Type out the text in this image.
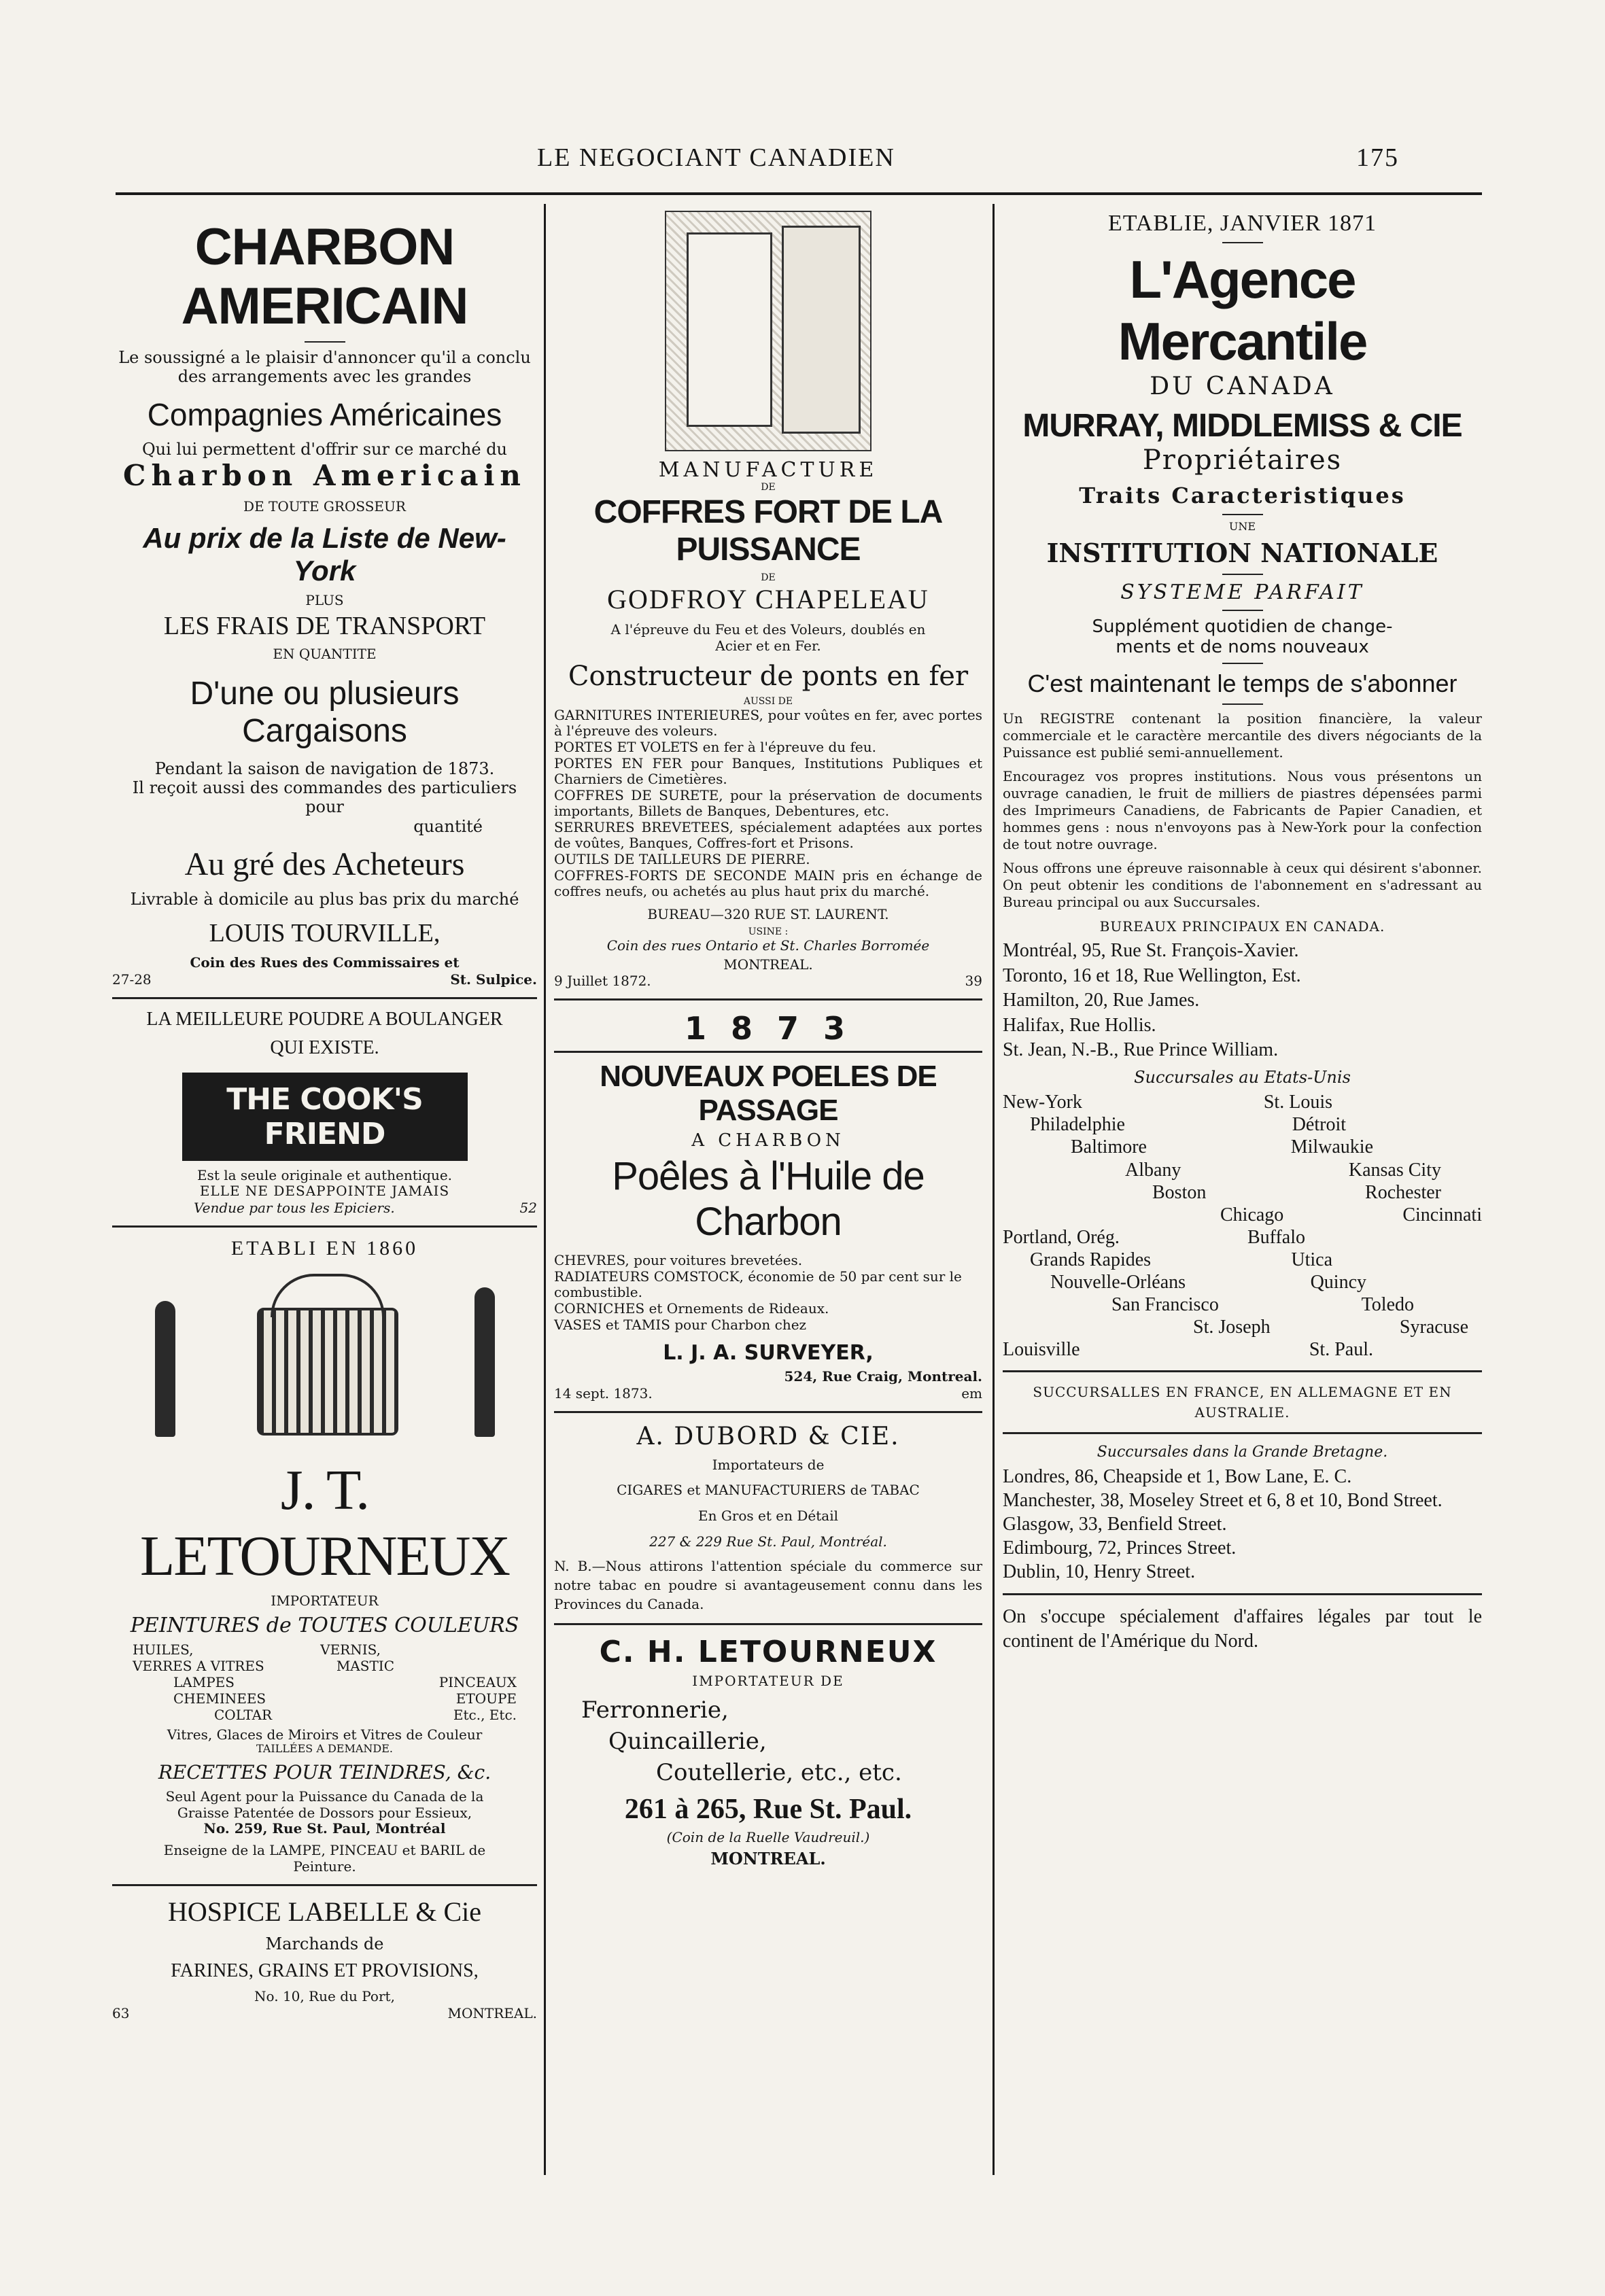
LE NEGOCIANT CANADIEN	175
CHARBON AMERICAIN

Le soussigné a le plaisir d'annoncer qu'il a conclu

des arrangements avec les grandes

Compagnies Américaines

Qui lui permettent d'offrir sur ce marché du

Charbon Americain

DE TOUTE GROSSEUR

Au prix de la Liste de New-York

PLUS

LES FRAIS DE TRANSPORT

EN QUANTITE

D'une ou plusieurs Cargaisons

Pendant la saison de navigation de 1873.

Il reçoit aussi des commandes des particuliers pour

quantité

Au gré des Acheteurs

Livrable à domicile au plus bas prix du marché

LOUIS TOURVILLE,

Coin des Rues des Commissaires et

27-28	St. Sulpice.
LA MEILLEURE POUDRE A BOULANGER
QUI EXISTE.
THE COOK'S FRIEND

Est la seule originale et authentique.

ELLE NE DESAPPOINTE JAMAIS

Vendue par tous les Epiciers.	52
ETABLI EN 1860
J. T. LETOURNEUX

IMPORTATEUR

PEINTURES de TOUTES COULEURS
HUILES,	VERNIS,
VERRES A VITRES	MASTIC
LAMPES	PINCEAUX
CHEMINEES	ETOUPE
COLTAR	Etc., Etc.

Vitres, Glaces de Miroirs et Vitres de Couleur

TAILLÉES A DEMANDE.

RECETTES POUR TEINDRES, &c.

Seul Agent pour la Puissance du Canada de la

Graisse Patentée de Dossors pour Essieux,

No. 259, Rue St. Paul, Montréal

Enseigne de la LAMPE, PINCEAU et BARIL de

Peinture.

HOSPICE LABELLE & Cie

Marchands de

FARINES, GRAINS ET PROVISIONS,

No. 10, Rue du Port,

63	MONTREAL.
MANUFACTURE

DE

COFFRES FORT DE LA PUISSANCE

DE

GODFROY CHAPELEAU

A l'épreuve du Feu et des Voleurs, doublés en

Acier et en Fer.

Constructeur de ponts en fer

AUSSI DE

GARNITURES INTERIEURES, pour voûtes en fer, avec portes à l'épreuve des voleurs.

PORTES ET VOLETS en fer à l'épreuve du feu.

PORTES EN FER pour Banques, Institutions Publiques et Charniers de Cimetières.

COFFRES DE SURETE, pour la préservation de documents importants, Billets de Banques, Debentures, etc.

SERRURES BREVETEES, spécialement adaptées aux portes de voûtes, Banques, Coffres-fort et Prisons.

OUTILS DE TAILLEURS DE PIERRE.

COFFRES-FORTS DE SECONDE MAIN pris en échange de coffres neufs, ou achetés au plus haut prix du marché.

BUREAU—320 RUE ST. LAURENT.

USINE :

Coin des rues Ontario et St. Charles Borromée

MONTREAL.

9 Juillet 1872.	39
1 8 7 3
NOUVEAUX POELES DE PASSAGE
A CHARBON
Poêles à l'Huile de Charbon

CHEVRES, pour voitures brevetées.

RADIATEURS COMSTOCK, économie de 50 par cent sur le combustible.

CORNICHES et Ornements de Rideaux.

VASES et TAMIS pour Charbon chez

L. J. A. SURVEYER,

524, Rue Craig, Montreal.

14 sept. 1873.	em
A. DUBORD & CIE.

Importateurs de

CIGARES et MANUFACTURIERS de TABAC

En Gros et en Détail

227 & 229 Rue St. Paul, Montréal.

N. B.—Nous attirons l'attention spéciale du commerce sur notre tabac en poudre si avantageusement connu dans les Provinces du Canada.

C. H. LETOURNEUX

IMPORTATEUR DE

Ferronnerie,
Quincaillerie,
Coutellerie, etc., etc.
261 à 265, Rue St. Paul.

(Coin de la Ruelle Vaudreuil.)

MONTREAL.

ETABLIE, JANVIER 1871
L'Agence Mercantile
DU CANADA
MURRAY, MIDDLEMISS & CIE
Propriétaires
Traits Caracteristiques

UNE

INSTITUTION NATIONALE
SYSTEME PARFAIT
Supplément quotidien de change-
ments et de noms nouveaux
C'est maintenant le temps de s'abonner

Un REGISTRE contenant la position financière, la valeur commerciale et le caractère mercantile des divers négociants de la Puissance est publié semi-annuellement.

Encouragez vos propres institutions. Nous vous présentons un ouvrage canadien, le fruit de milliers de piastres dépensées parmi des Imprimeurs Canadiens, de Fabricants de Papier Canadien, et hommes gens : nous n'envoyons pas à New-York pour la confection de tout notre ouvrage.

Nous offrons une épreuve raisonnable à ceux qui désirent s'abonner. On peut obtenir les conditions de l'abonnement en s'adressant au Bureau principal ou aux Succursales.

BUREAUX PRINCIPAUX EN CANADA.

Montréal, 95, Rue St. François-Xavier.
Toronto, 16 et 18, Rue Wellington, Est.
Hamilton, 20, Rue James.
Halifax, Rue Hollis.
St. Jean, N.-B., Rue Prince William.
Succursales au Etats-Unis
New-York	St. Louis
Philadelphie	Détroit
Baltimore	Milwaukie
Albany	Kansas City
Boston	Rochester
Chicago	Cincinnati
Portland, Orég.	Buffalo
Grands Rapides	Utica
Nouvelle-Orléans	Quincy
San Francisco	Toledo
St. Joseph	Syracuse
Louisville	St. Paul.

SUCCURSALLES EN FRANCE, EN ALLEMAGNE ET EN AUSTRALIE.

Succursales dans la Grande Bretagne.
Londres, 86, Cheapside et 1, Bow Lane, E. C.
Manchester, 38, Moseley Street et 6, 8 et 10, Bond Street.
Glasgow, 33, Benfield Street.
Edimbourg, 72, Princes Street.
Dublin, 10, Henry Street.

On s'occupe spécialement d'affaires légales par tout le continent de l'Amérique du Nord.
